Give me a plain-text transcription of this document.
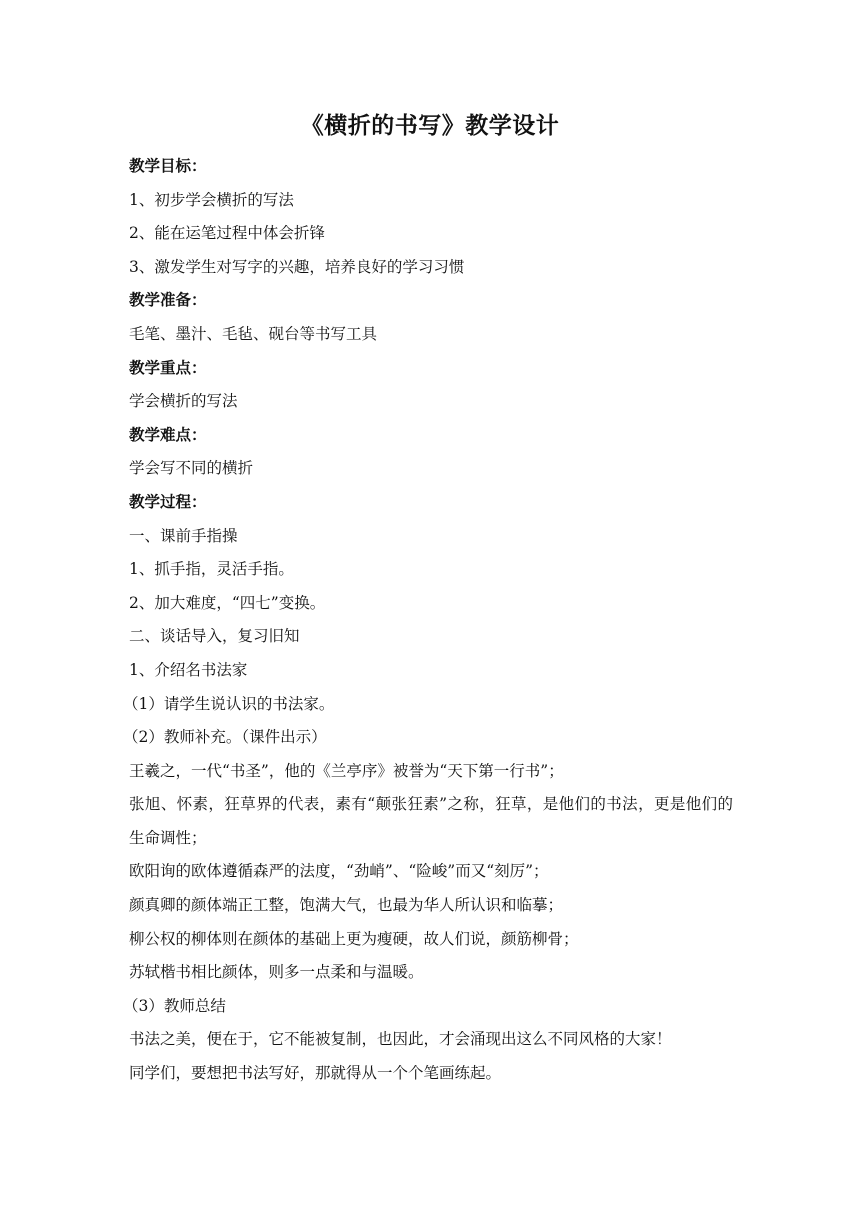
《横折的书写》教学设计
教学目标：
1、初步学会横折的写法
2、能在运笔过程中体会折锋
3、激发学生对写字的兴趣，培养良好的学习习惯
教学准备：
毛笔、墨汁、毛毡、砚台等书写工具
教学重点：
学会横折的写法
教学难点：
学会写不同的横折
教学过程：
一、课前手指操
1、抓手指，灵活手指。
2、加大难度，“四七”变换。
二、谈话导入，复习旧知
1、介绍名书法家
（1）请学生说认识的书法家。
（2）教师补充。（课件出示）
王羲之，一代“书圣”，他的《兰亭序》被誉为“天下第一行书”；
张旭、怀素，狂草界的代表，素有“颠张狂素”之称，狂草，是他们的书法，更是他们的生命调性；
欧阳询的欧体遵循森严的法度，“劲峭”、“险峻”而又“刻厉”；
颜真卿的颜体端正工整，饱满大气，也最为华人所认识和临摹；
柳公权的柳体则在颜体的基础上更为瘦硬，故人们说，颜筋柳骨；
苏轼楷书相比颜体，则多一点柔和与温暖。
（3）教师总结
书法之美，便在于，它不能被复制，也因此，才会涌现出这么不同风格的大家！
同学们，要想把书法写好，那就得从一个个笔画练起。
